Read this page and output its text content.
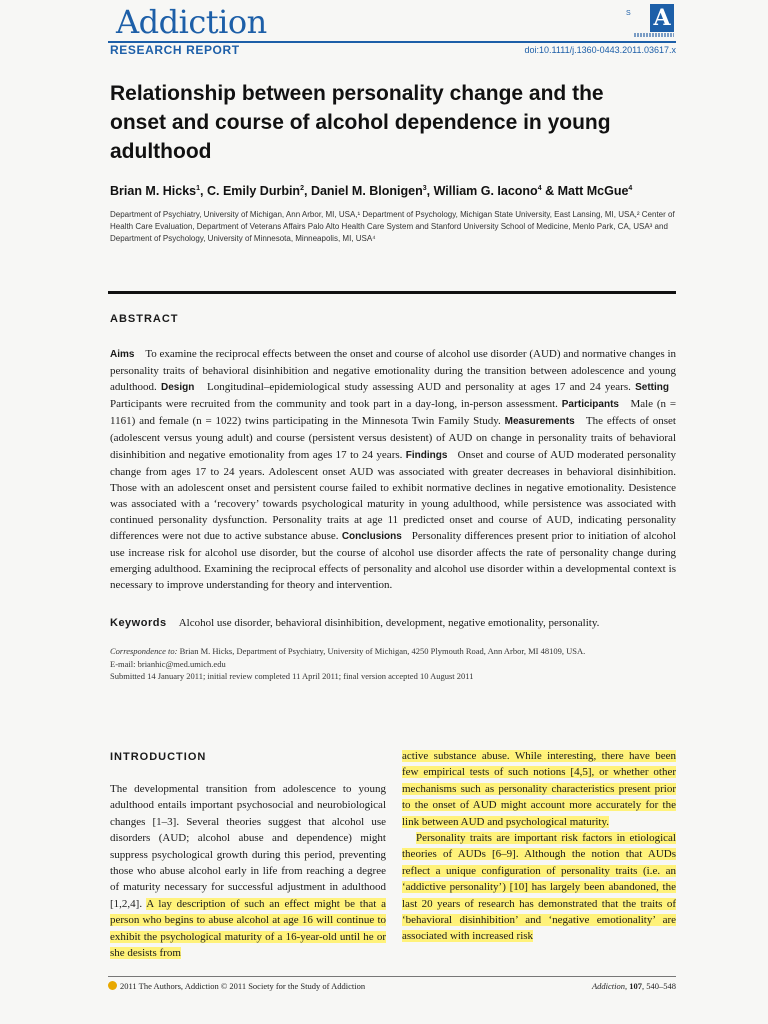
Addiction	S	A
RESEARCH REPORT	doi:10.1111/j.1360-0443.2011.03617.x
Relationship between personality change and the onset and course of alcohol dependence in young adulthood
Brian M. Hicks$^1$, C. Emily Durbin$^2$, Daniel M. Blonigen$^3$, William G. Iacono$^4$ & Matt McGue$^4$
Department of Psychiatry, University of Michigan, Ann Arbor, MI, USA,¹ Department of Psychology, Michigan State University, East Lansing, MI, USA,² Center of Health Care Evaluation, Department of Veterans Affairs Palo Alto Health Care System and Stanford University School of Medicine, Menlo Park, CA, USA³ and Department of Psychology, University of Minnesota, Minneapolis, MI, USA⁴
ABSTRACT
Aims To examine the reciprocal effects between the onset and course of alcohol use disorder (AUD) and normative changes in personality traits of behavioral disinhibition and negative emotionality during the transition between adolescence and young adulthood. Design Longitudinal–epidemiological study assessing AUD and personality at ages 17 and 24 years. Setting   Participants were recruited from the community and took part in a day-long, in-person assessment. Participants Male (n = 1161) and female (n = 1022) twins participating in the Minnesota Twin Family Study. Measurements The effects of onset (adolescent versus young adult) and course (persistent versus desistent) of AUD on change in personality traits of behavioral disinhibition and negative emotionality from ages 17 to 24 years. Findings Onset and course of AUD moderated personality change from ages 17 to 24 years. Adolescent onset AUD was associated with greater decreases in behavioral disinhibition. Those with an adolescent onset and persistent course failed to exhibit normative declines in negative emotionality. Desistence was associated with a ‘recovery’ towards psychological maturity in young adulthood, while persistence was associated with continued personality dysfunction. Personality traits at age 11 predicted onset and course of AUD, indicating personality differences were not due to active substance abuse. Conclusions Personality differences present prior to initiation of alcohol use increase risk for alcohol use disorder, but the course of alcohol use disorder affects the rate of personality change during emerging adulthood. Examining the reciprocal effects of personality and alcohol use disorder within a developmental context is necessary to improve understanding for theory and intervention.
Keywords Alcohol use disorder, behavioral disinhibition, development, negative emotionality, personality.
Correspondence to: Brian M. Hicks, Department of Psychiatry, University of Michigan, 4250 Plymouth Road, Ann Arbor, MI 48109, USA.
E-mail: brianhic@med.umich.edu
Submitted 14 January 2011; initial review completed 11 April 2011; final version accepted 10 August 2011
INTRODUCTION

The developmental transition from adolescence to young adulthood entails important psychosocial and neurobiological changes [1–3]. Several theories suggest that alcohol use disorders (AUD; alcohol abuse and dependence) might suppress psychological growth during this period, preventing those who abuse alcohol early in life from reaching a degree of maturity necessary for successful adjustment in adulthood [1,2,4]. A lay description of such an effect might be that a person who begins to abuse alcohol at age 16 will continue to exhibit the psychological maturity of a 16-year-old until he or she desists from

active substance abuse. While interesting, there have been few empirical tests of such notions [4,5], or whether other mechanisms such as personality characteristics present prior to the onset of AUD might account more accurately for the link between AUD and psychological maturity.

Personality traits are important risk factors in etiological theories of AUDs [6–9]. Although the notion that AUDs reflect a unique configuration of personality traits (i.e. an ‘addictive personality’) [10] has largely been abandoned, the last 20 years of research has demonstrated that the traits of ‘behavioral disinhibition’ and ‘negative emotionality’ are associated with increased risk

2011 The Authors, Addiction © 2011 Society for the Study of Addiction	Addiction, 107, 540–548
